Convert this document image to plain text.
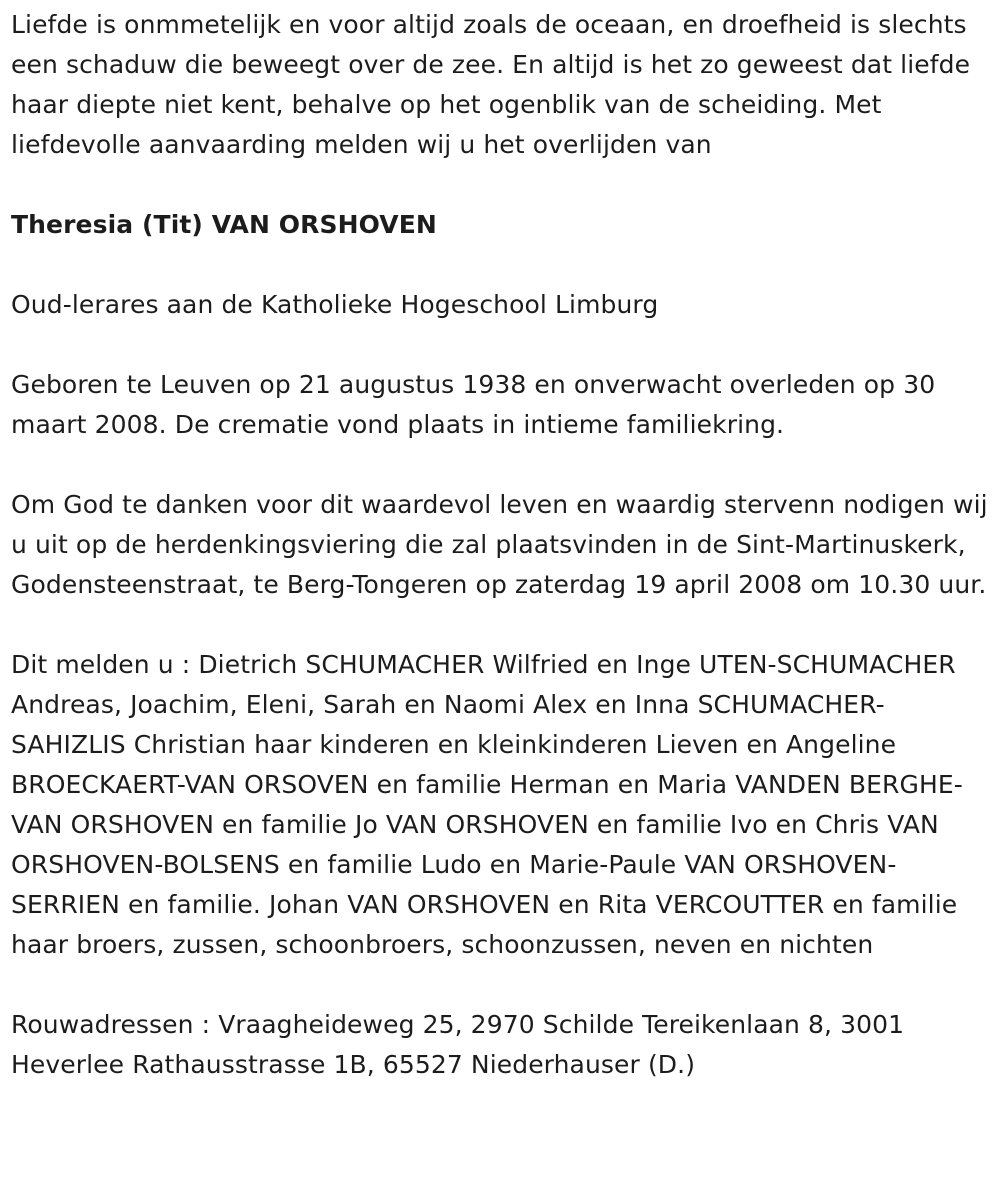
Liefde is onmmetelijk en voor altijd zoals de oceaan, en droefheid is slechts een schaduw die beweegt over de zee. En altijd is het zo geweest dat liefde haar diepte niet kent, behalve op het ogenblik van de scheiding. Met liefdevolle aanvaarding melden wij u het overlijden van

Theresia (Tit) VAN ORSHOVEN

Oud-lerares aan de Katholieke Hogeschool Limburg

Geboren te Leuven op 21 augustus 1938 en onverwacht overleden op 30 maart 2008. De crematie vond plaats in intieme familiekring.

Om God te danken voor dit waardevol leven en waardig stervenn nodigen wij u uit op de herdenkingsviering die zal plaatsvinden in de Sint-Martinuskerk, Godensteenstraat, te Berg-Tongeren op zaterdag 19 april 2008 om 10.30 uur.

Dit melden u : Dietrich SCHUMACHER Wilfried en Inge UTEN-SCHUMACHER Andreas, Joachim, Eleni, Sarah en Naomi Alex en Inna SCHUMACHER-SAHIZLIS Christian haar kinderen en kleinkinderen Lieven en Angeline BROECKAERT-VAN ORSOVEN en familie Herman en Maria VANDEN BERGHE-VAN ORSHOVEN en familie Jo VAN ORSHOVEN en familie Ivo en Chris VAN ORSHOVEN-BOLSENS en familie Ludo en Marie-Paule VAN ORSHOVEN-SERRIEN en familie. Johan VAN ORSHOVEN en Rita VERCOUTTER en familie haar broers, zussen, schoonbroers, schoonzussen, neven en nichten

Rouwadressen : Vraagheideweg 25, 2970 Schilde Tereikenlaan 8, 3001 Heverlee Rathausstrasse 1B, 65527 Niederhauser (D.)
